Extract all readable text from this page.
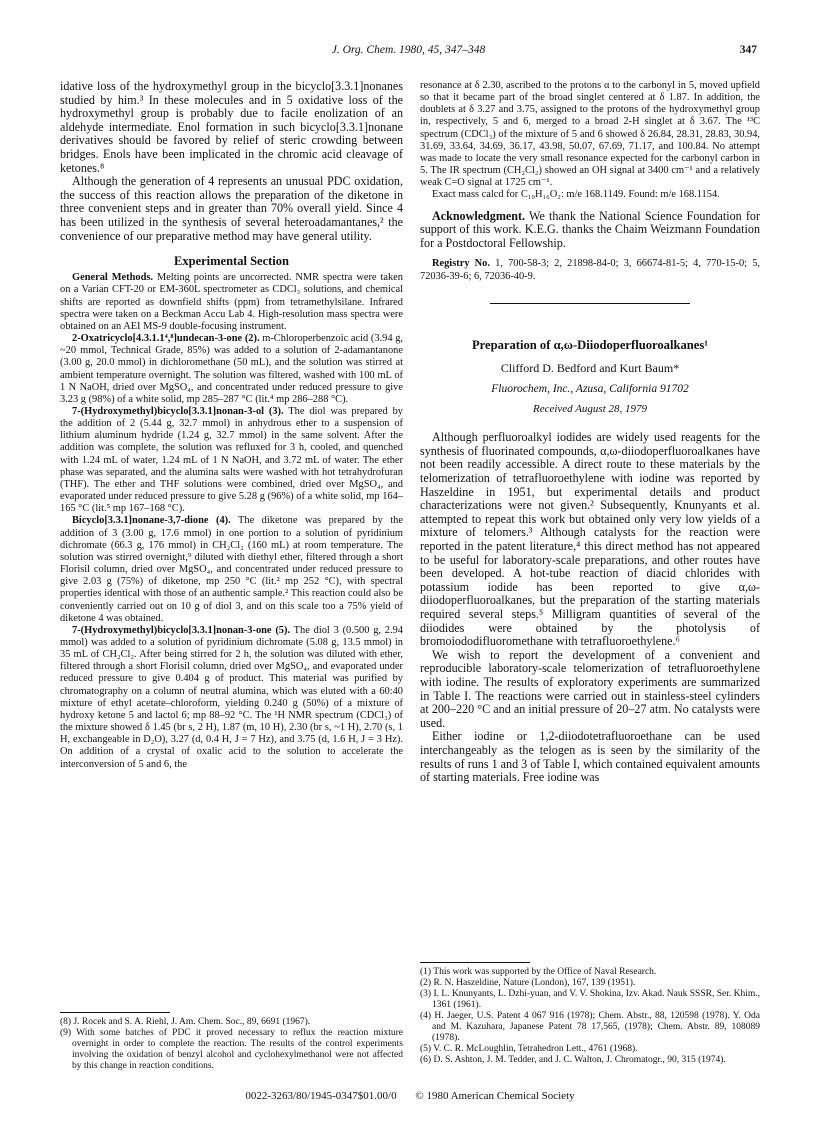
J. Org. Chem. 1980, 45, 347–348	347

idative loss of the hydroxymethyl group in the bicyclo[3.3.1]nonanes studied by him.³ In these molecules and in 5 oxidative loss of the hydroxymethyl group is probably due to facile enolization of an aldehyde intermediate. Enol formation in such bicyclo[3.3.1]nonane derivatives should be favored by relief of steric crowding between bridges. Enols have been implicated in the chromic acid cleavage of ketones.⁸

Although the generation of 4 represents an unusual PDC oxidation, the success of this reaction allows the preparation of the diketone in three convenient steps and in greater than 70% overall yield. Since 4 has been utilized in the synthesis of several heteroadamantanes,² the convenience of our preparative method may have general utility.

Experimental Section

General Methods. Melting points are uncorrected. NMR spectra were taken on a Varian CFT-20 or EM-360L spectrometer as CDCl₃ solutions, and chemical shifts are reported as downfield shifts (ppm) from tetramethylsilane. Infrared spectra were taken on a Beckman Accu Lab 4. High-resolution mass spectra were obtained on an AEI MS-9 double-focusing instrument.

2-Oxatricyclo[4.3.1.1⁴,⁸]undecan-3-one (2). m-Chloroperbenzoic acid (3.94 g, ~20 mmol, Technical Grade, 85%) was added to a solution of 2-adamantanone (3.00 g, 20.0 mmol) in dichloromethane (50 mL), and the solution was stirred at ambient temperature overnight. The solution was filtered, washed with 100 mL of 1 N NaOH, dried over MgSO₄, and concentrated under reduced pressure to give 3.23 g (98%) of a white solid, mp 285–287 °C (lit.⁴ mp 286–288 °C).

7-(Hydroxymethyl)bicyclo[3.3.1]nonan-3-ol (3). The diol was prepared by the addition of 2 (5.44 g, 32.7 mmol) in anhydrous ether to a suspension of lithium aluminum hydride (1.24 g, 32.7 mmol) in the same solvent. After the addition was complete, the solution was refluxed for 3 h, cooled, and quenched with 1.24 mL of water, 1.24 mL of 1 N NaOH, and 3.72 mL of water. The ether phase was separated, and the alumina salts were washed with hot tetrahydrofuran (THF). The ether and THF solutions were combined, dried over MgSO₄, and evaporated under reduced pressure to give 5.28 g (96%) of a white solid, mp 164–165 °C (lit.⁵ mp 167–168 °C).

Bicyclo[3.3.1]nonane-3,7-dione (4). The diketone was prepared by the addition of 3 (3.00 g, 17.6 mmol) in one portion to a solution of pyridinium dichromate (66.3 g, 176 mmol) in CH₂Cl₂ (160 mL) at room temperature. The solution was stirred overnight,⁹ diluted with diethyl ether, filtered through a short Florisil column, dried over MgSO₄, and concentrated under reduced pressure to give 2.03 g (75%) of diketone, mp 250 °C (lit.² mp 252 °C), with spectral properties identical with those of an authentic sample.² This reaction could also be conveniently carried out on 10 g of diol 3, and on this scale too a 75% yield of diketone 4 was obtained.

7-(Hydroxymethyl)bicyclo[3.3.1]nonan-3-one (5). The diol 3 (0.500 g, 2.94 mmol) was added to a solution of pyridinium dichromate (5.08 g, 13.5 mmol) in 35 mL of CH₂Cl₂. After being stirred for 2 h, the solution was diluted with ether, filtered through a short Florisil column, dried over MgSO₄, and evaporated under reduced pressure to give 0.404 g of product. This material was purified by chromatography on a column of neutral alumina, which was eluted with a 60:40 mixture of ethyl acetate–chloroform, yielding 0.240 g (50%) of a mixture of hydroxy ketone 5 and lactol 6; mp 88–92 °C. The ¹H NMR spectrum (CDCl₃) of the mixture showed δ 1.45 (br s, 2 H), 1.87 (m, 10 H), 2.30 (br s, ~1 H), 2.70 (s, 1 H, exchangeable in D₂O), 3.27 (d, 0.4 H, J = 7 Hz), and 3.75 (d, 1.6 H, J = 3 Hz). On addition of a crystal of oxalic acid to the solution to accelerate the interconversion of 5 and 6, the

(8) J. Rocek and S. A. Riehl, J. Am. Chem. Soc., 89, 6691 (1967).

(9) With some batches of PDC it proved necessary to reflux the reaction mixture overnight in order to complete the reaction. The results of the control experiments involving the oxidation of benzyl alcohol and cyclohexylmethanol were not affected by this change in reaction conditions.

resonance at δ 2.30, ascribed to the protons α to the carbonyl in 5, moved upfield so that it became part of the broad singlet centered at δ 1.87. In addition, the doublets at δ 3.27 and 3.75, assigned to the protons of the hydroxymethyl group in, respectively, 5 and 6, merged to a broad 2-H singlet at δ 3.67. The ¹³C spectrum (CDCl₃) of the mixture of 5 and 6 showed δ 26.84, 28.31, 28.83, 30.94, 31.69, 33.64, 34.69, 36.17, 43.98, 50.07, 67.69, 71.17, and 100.84. No attempt was made to locate the very small resonance expected for the carbonyl carbon in 5. The IR spectrum (CH₂Cl₂) showed an OH signal at 3400 cm⁻¹ and a relatively weak C=O signal at 1725 cm⁻¹.

Exact mass calcd for C₁₀H₁₆O₂: m/e 168.1149. Found: m/e 168.1154.

Acknowledgment. We thank the National Science Foundation for support of this work. K.E.G. thanks the Chaim Weizmann Foundation for a Postdoctoral Fellowship.

Registry No. 1, 700-58-3; 2, 21898-84-0; 3, 66674-81-5; 4, 770-15-0; 5, 72036-39-6; 6, 72036-40-9.

Preparation of α,ω-Diiodoperfluoroalkanes¹
Clifford D. Bedford and Kurt Baum*
Fluorochem, Inc., Azusa, California 91702
Received August 28, 1979

Although perfluoroalkyl iodides are widely used reagents for the synthesis of fluorinated compounds, α,ω-diiodoperfluoroalkanes have not been readily accessible. A direct route to these materials by the telomerization of tetrafluoroethylene with iodine was reported by Haszeldine in 1951, but experimental details and product characterizations were not given.² Subsequently, Knunyants et al. attempted to repeat this work but obtained only very low yields of a mixture of telomers.³ Although catalysts for the reaction were reported in the patent literature,⁴ this direct method has not appeared to be useful for laboratory-scale preparations, and other routes have been developed. A hot-tube reaction of diacid chlorides with potassium iodide has been reported to give α,ω-diiodoperfluoroalkanes, but the preparation of the starting materials required several steps.⁵ Milligram quantities of several of the diiodides were obtained by the photolysis of bromoiododifluoromethane with tetrafluoroethylene.⁶

We wish to report the development of a convenient and reproducible laboratory-scale telomerization of tetrafluoroethylene with iodine. The results of exploratory experiments are summarized in Table I. The reactions were carried out in stainless-steel cylinders at 200–220 °C and an initial pressure of 20–27 atm. No catalysts were used.

Either iodine or 1,2-diiodotetrafluoroethane can be used interchangeably as the telogen as is seen by the similarity of the results of runs 1 and 3 of Table I, which contained equivalent amounts of starting materials. Free iodine was

(1) This work was supported by the Office of Naval Research.

(2) R. N. Haszeldine, Nature (London), 167, 139 (1951).

(3) I. L. Knunyants, L. Dzhi-yuan, and V. V. Shokina, Izv. Akad. Nauk SSSR, Ser. Khim., 1361 (1961).

(4) H. Jaeger, U.S. Patent 4 067 916 (1978); Chem. Abstr., 88, 120598 (1978). Y. Oda and M. Kazuhara, Japanese Patent 78 17,565, (1978); Chem. Abstr. 89, 108089 (1978).

(5) V. C. R. McLoughlin, Tetrahedron Lett., 4761 (1968).

(6) D. S. Ashton, J. M. Tedder, and J. C. Walton, J. Chromatogr., 90, 315 (1974).

0022-3263/80/1945-0347$01.00/0 © 1980 American Chemical Society
